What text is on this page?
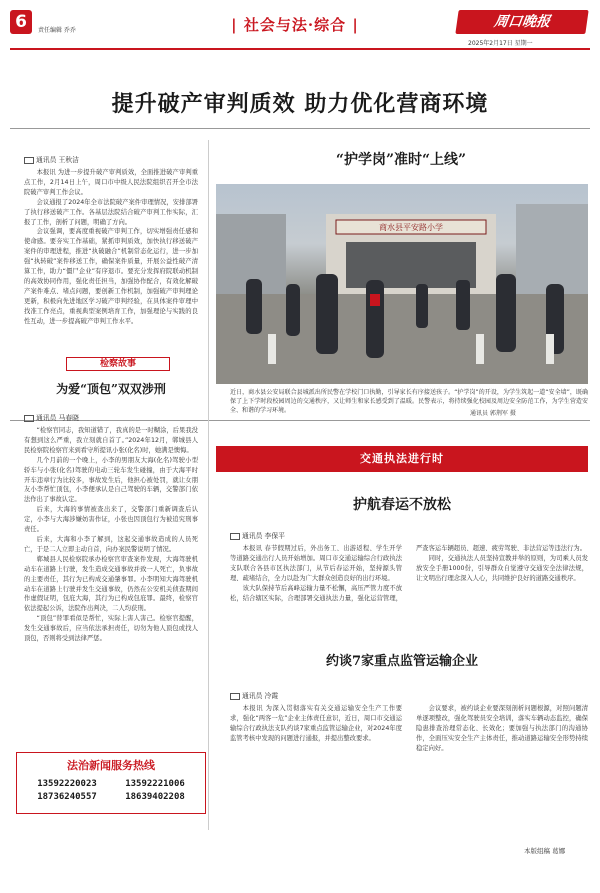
6	责任编辑 乔乔	| 社会与法·综合 |	周口晚报
2025年2月17日 星期一
提升破产审判质效 助力优化营商环境
通讯员 王秋洁

本报讯 为进一步提升破产审判质效，全面推进破产审判重点工作，2月14日上午，周口市中级人民法院组织召开全市法院破产审判工作会议。

会议通报了2024年全市法院破产案件审理情况，安排部署了执行移送破产工作。各基层法院结合破产审判工作实际，汇报了工作，剖析了问题，明确了方向。

会议强调，要高度重视破产审判工作，切实增强责任感和使命感。要夯实工作基础，紧抓审判质效，加快执行移送破产案件的审理进程，推进“执破融合”机制常态化运行，进一步加强“执转破”案件移送工作，确保案件质量，开展公益性破产清算工作，助力“僵尸企业”有序退市。要充分发挥府院联动机制的高效协同作用，强化责任担当，加强协作配合，有效化解破产案件难点、堵点问题，要创新工作机制，加强破产审判理论更新，积极向先进地区学习破产审判经验，在具体案件审理中找准工作亮点，重视典型案例培育工作，加强理论与实践的良性互动，进一步提高破产审判工作水平。

“护学岗”准时“上线”
商水县平安路小学
近日，商水县公安局联合县城派出所民警在学校门口执勤，引导家长有序接送孩子。“护学岗”的开设，为学生筑起一道“安全墙”，既确保了上下学时段校园周边的交通秩序，又让师生和家长感受到了温暖。民警表示，将持续强化校园及周边安全防范工作，为学生营造安全、和谐的学习环境。	通讯员 郭荆军 摄
检察故事
为爱“顶包”双双涉刑
通讯员 马春晓

“检察官同志，我知道错了，我真的是一时糊涂，后果我没有想到这么严重，我立刻就自首了。”2024年12月，郸城县人民检察院检察官来到看守所提讯小张(化名)时，她满是懊悔。

几个月前的一个晚上，小李的男朋友大海(化名)驾驶小型轿车与小张(化名)驾驶的电动三轮车发生碰撞，由于大海平时开车违章行为比较多，事故发生后，他担心被处罚，就让女朋友小李帮忙顶包，小李便承认是自己驾驶的车辆，交警部门依法作出了事故认定。

后来，大海的事情被查出来了，交警部门重新调查后认定，小李与大海涉嫌妨害作证，小张也因顶包行为被追究刑事责任。

后来，大海和小李了解到，这起交通事故造成的人员死亡，于是二人立即主动自首，向办案民警说明了情况。

郸城县人民检察院承办检察官审查案件发现，大海驾驶机动车在道路上行驶，发生造成交通事故并致一人死亡，负事故的主要责任，其行为已构成交通肇事罪。小李明知大海驾驶机动车在道路上行驶并发生交通事故，仍然在公安机关侦查期间作虚假证明，包庇大海，其行为已构成包庇罪。最终，检察官依法提起公诉，法院作出判决，二人均获刑。

“顶包”替罪看似是帮忙，实际上害人害己。检察官提醒，发生交通事故后，应当依法承担责任，切勿为他人顶包或找人顶包，否则将受到法律严惩。

法治新闻服务热线
13592220023	13592221006
18736240557	18639402208
交通执法进行时
护航春运不放松
通讯员 李保平

本报讯 春节假期过后，外出务工、出游返程、学生开学等道路交通出行人员开始增加。周口市交通运输综合行政执法支队联合各县市区执法部门，从节后春运开始，坚持源头管理、疏堵结合，全力以赴为广大群众创造良好的出行环境。

该大队保持节后高峰运输力量不松懈，高压严管力度不放松，结合辖区实际，合理部署交通执法力量，强化运营管理，严查客运车辆超员、超速、疲劳驾驶、非法营运等违法行为。

同时，交通执法人员坚持宣教并举的原则，为司乘人员发放安全手册1000份，引导群众自觉遵守交通安全法律法规，让文明出行理念深入人心，共同维护良好的道路交通秩序。

约谈7家重点监管运输企业
通讯员 冷霞

本报讯 为深入贯彻落实有关交通运输安全生产工作要求，强化“两客一危”企业主体责任意识，近日，周口市交通运输综合行政执法支队约谈7家重点监管运输企业，对2024年度监管考核中发现的问题进行通报，并提出整改要求。

会议要求，被约谈企业要深刻剖析问题根源，对照问题清单逐项整改，强化驾驶员安全培训，落实车辆动态监控，确保隐患排查治理常态化、长效化；要加强与执法部门的沟通协作，全面压实安全生产主体责任，推动道路运输安全形势持续稳定向好。

本版组稿 葛娜
